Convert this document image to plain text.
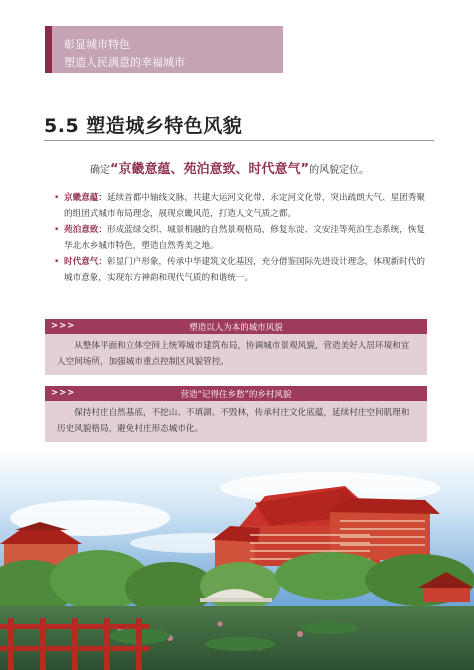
彰显城市特色
塑造人民满意的幸福城市
5.5 塑造城乡特色风貌
确定“京畿意蕴、苑泊意致、时代意气”的风貌定位。
• 京畿意蕴：延续首都中轴线文脉，共建大运河文化带、永定河文化带，突出疏朗大气、星团秀聚的组团式城市布局理念，展现京畿风范，打造人文气质之都。
• 苑泊意致：形成蓝绿交织、城景相融的自然景观格局，修复东淀、文安洼等苑泊生态系统，恢复华北水乡城市特色，塑造自然秀美之地。
• 时代意气：彰显门户形象，传承中华建筑文化基因，充分借鉴国际先进设计理念，体现新时代的城市意象，实现东方神韵和现代气质的和谐统一。
>>>	塑造以人为本的城市风貌
从整体平面和立体空间上统筹城市建筑布局，协调城市景观风貌，营造美好人居环境和宜人空间场所，加强城市重点控制区风貌管控。
>>>	营造“记得住乡愁”的乡村风貌
保持村庄自然基底，不挖山、不填湖、不毁林，传承村庄文化底蕴，延续村庄空间肌理和历史风貌格局，避免村庄形态城市化。
